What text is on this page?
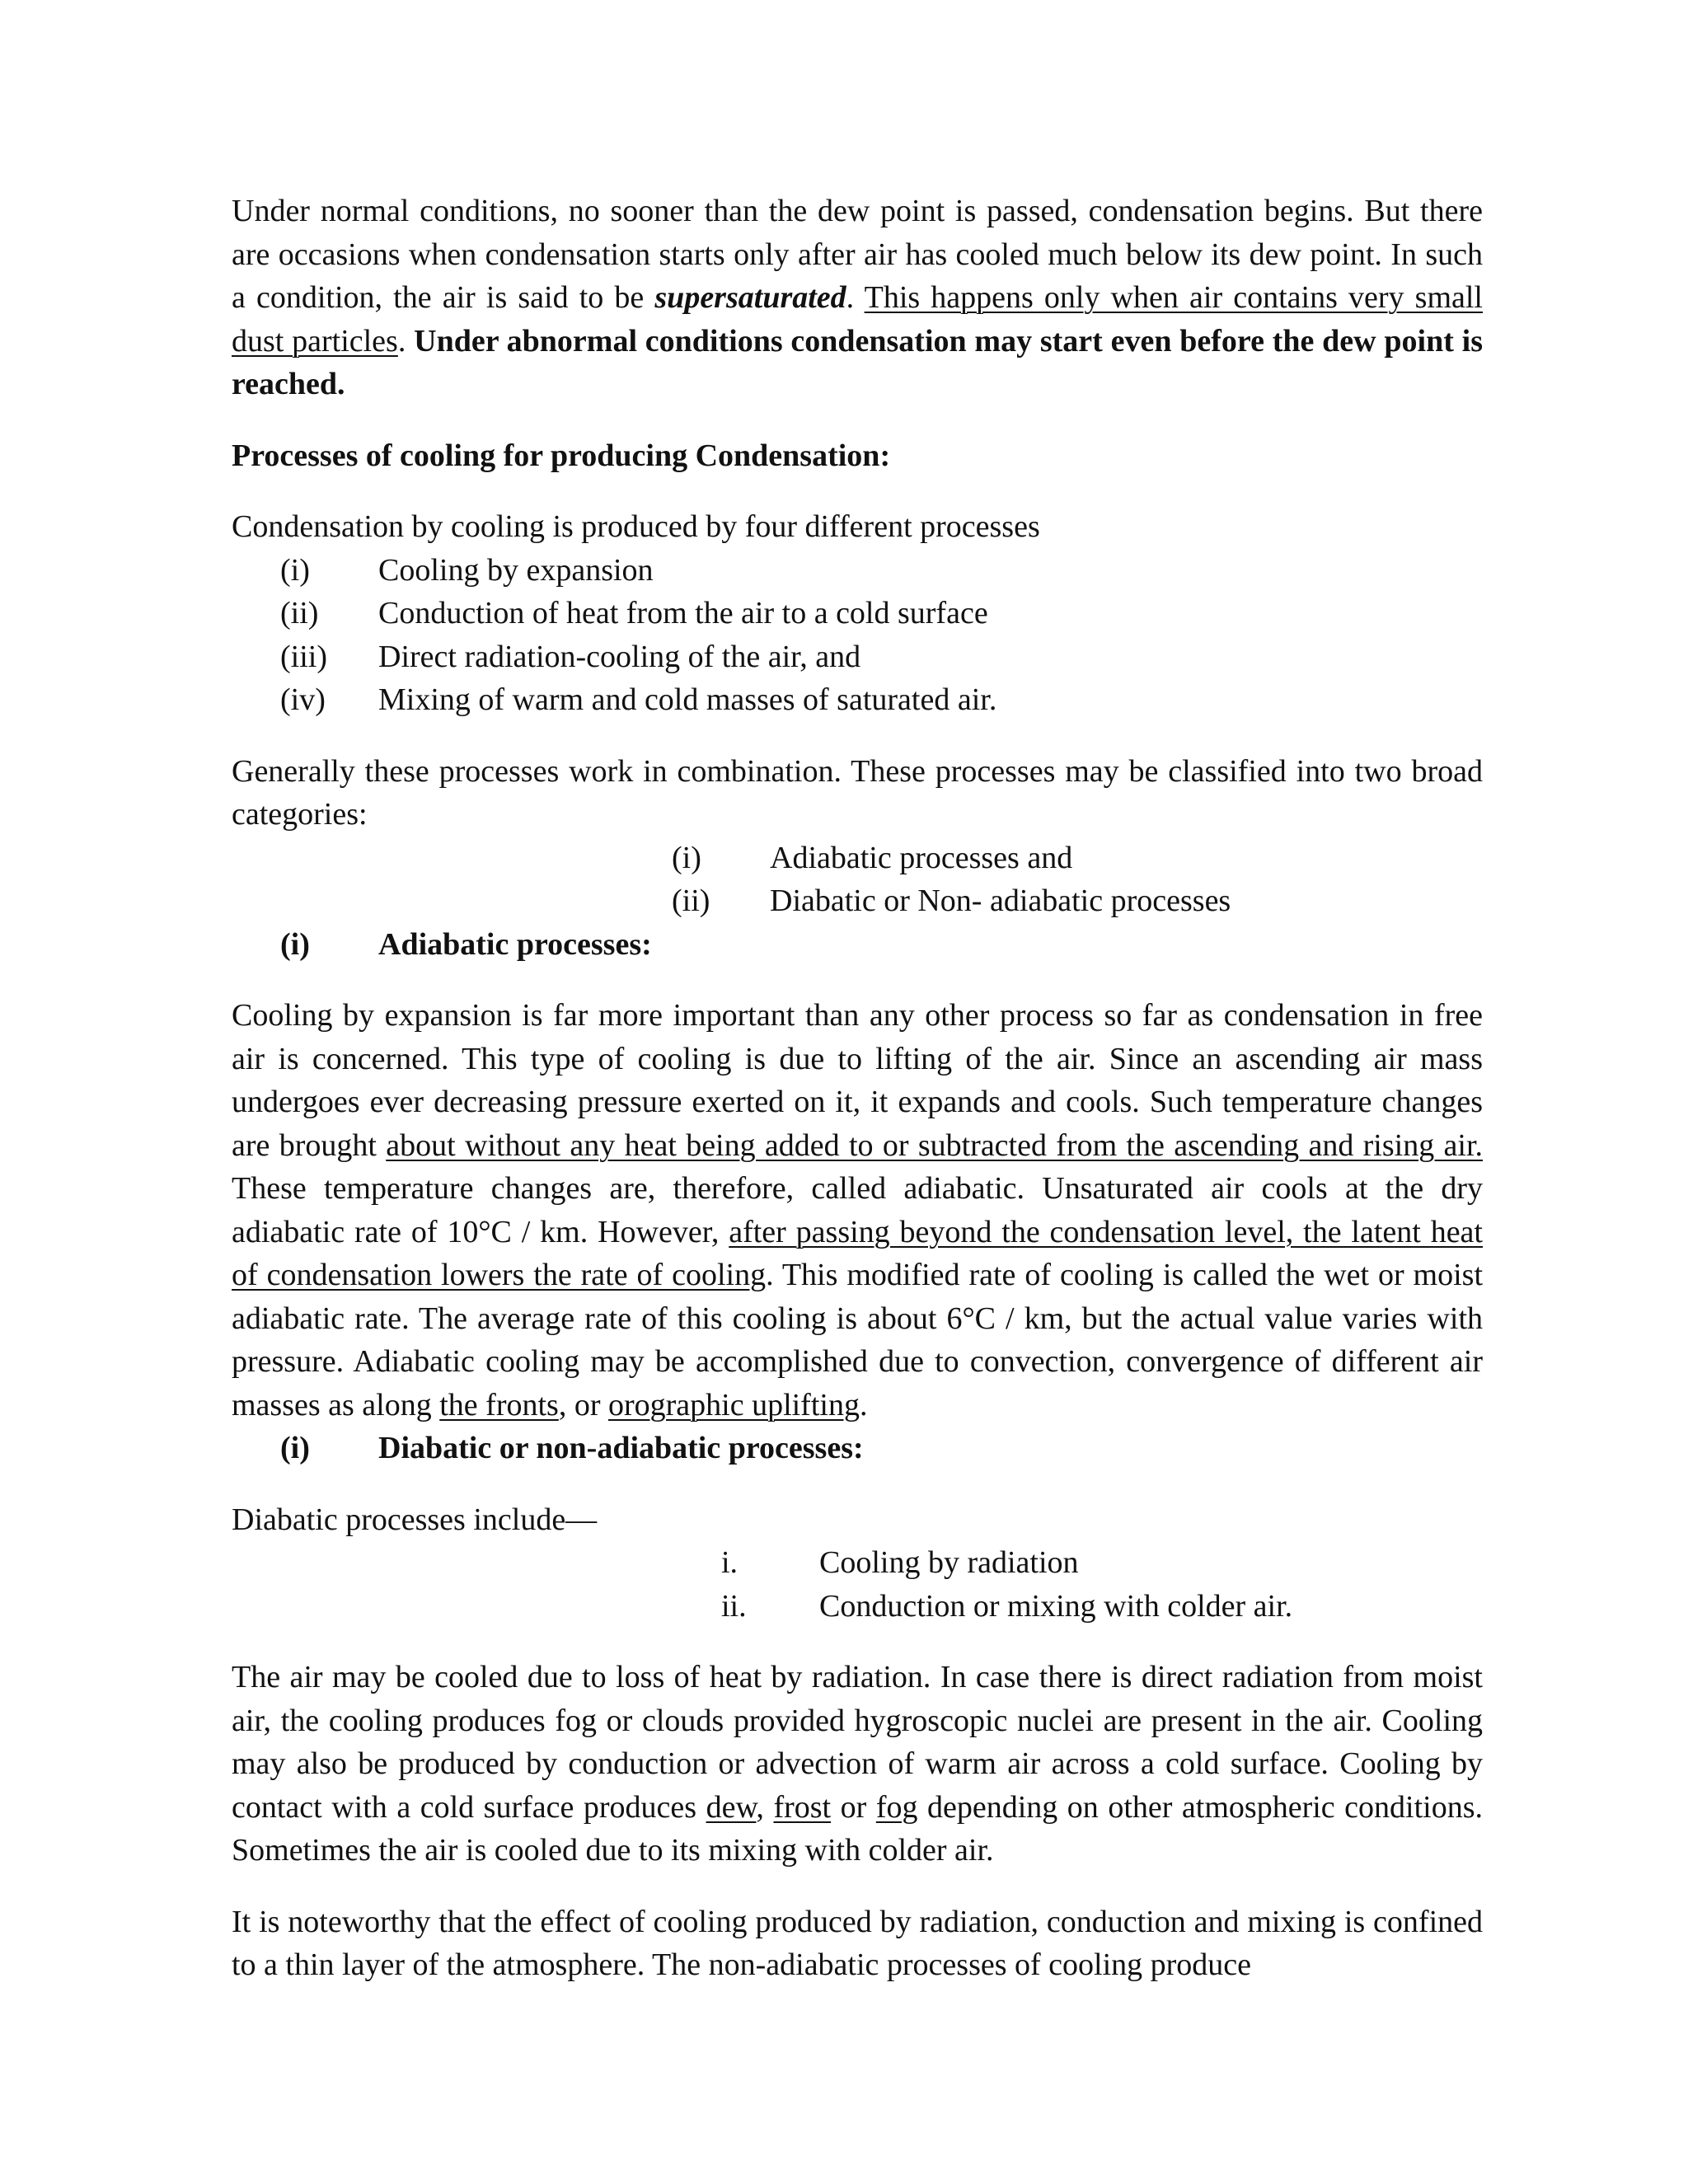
Under normal conditions, no sooner than the dew point is passed, condensation begins. But there are occasions when condensation starts only after air has cooled much below its dew point. In such a condition, the air is said to be supersaturated. This happens only when air contains very small dust particles. Under abnormal conditions condensation may start even before the dew point is reached.

Processes of cooling for producing Condensation:

Condensation by cooling is produced by four different processes

(i)	Cooling by expansion
(ii)	Conduction of heat from the air to a cold surface
(iii)	Direct radiation-cooling of the air, and
(iv)	Mixing of warm and cold masses of saturated air.

Generally these processes work in combination. These processes may be classified into two broad categories:

(i)	Adiabatic processes and
(ii)	Diabatic or Non- adiabatic processes
(i)	Adiabatic processes:

Cooling by expansion is far more important than any other process so far as condensation in free air is concerned. This type of cooling is due to lifting of the air. Since an ascending air mass undergoes ever decreasing pressure exerted on it, it expands and cools. Such temperature changes are brought about without any heat being added to or subtracted from the ascending and rising air. These temperature changes are, therefore, called adiabatic. Unsaturated air cools at the dry adiabatic rate of 10°C / km. However, after passing beyond the condensation level, the latent heat of condensation lowers the rate of cooling. This modified rate of cooling is called the wet or moist adiabatic rate. The average rate of this cooling is about 6°C / km, but the actual value varies with pressure. Adiabatic cooling may be accomplished due to convection, convergence of different air masses as along the fronts, or orographic uplifting.

(i)	Diabatic or non-adiabatic processes:

Diabatic processes include—

i.	Cooling by radiation
ii.	Conduction or mixing with colder air.

The air may be cooled due to loss of heat by radiation. In case there is direct radiation from moist air, the cooling produces fog or clouds provided hygroscopic nuclei are present in the air. Cooling may also be produced by conduction or advection of warm air across a cold surface. Cooling by contact with a cold surface produces dew, frost or fog depending on other atmospheric conditions. Sometimes the air is cooled due to its mixing with colder air.

It is noteworthy that the effect of cooling produced by radiation, conduction and mixing is confined to a thin layer of the atmosphere. The non-adiabatic processes of cooling produce
